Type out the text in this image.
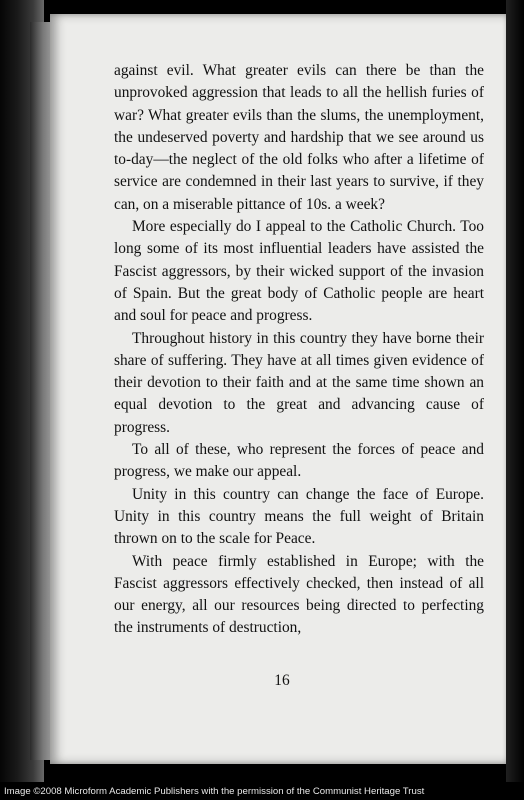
against evil. What greater evils can there be than the unprovoked aggression that leads to all the hellish furies of war? What greater evils than the slums, the unemployment, the undeserved poverty and hardship that we see around us to-day—the neglect of the old folks who after a lifetime of service are condemned in their last years to survive, if they can, on a miserable pittance of 10s. a week?

More especially do I appeal to the Catholic Church. Too long some of its most influential leaders have assisted the Fascist aggressors, by their wicked support of the invasion of Spain. But the great body of Catholic people are heart and soul for peace and progress.

Throughout history in this country they have borne their share of suffering. They have at all times given evidence of their devotion to their faith and at the same time shown an equal devotion to the great and advancing cause of progress.

To all of these, who represent the forces of peace and progress, we make our appeal.

Unity in this country can change the face of Europe. Unity in this country means the full weight of Britain thrown on to the scale for Peace.

With peace firmly established in Europe; with the Fascist aggressors effectively checked, then instead of all our energy, all our resources being directed to perfecting the instruments of destruction,

16
Image ©2008 Microform Academic Publishers with the permission of the Communist Heritage Trust
